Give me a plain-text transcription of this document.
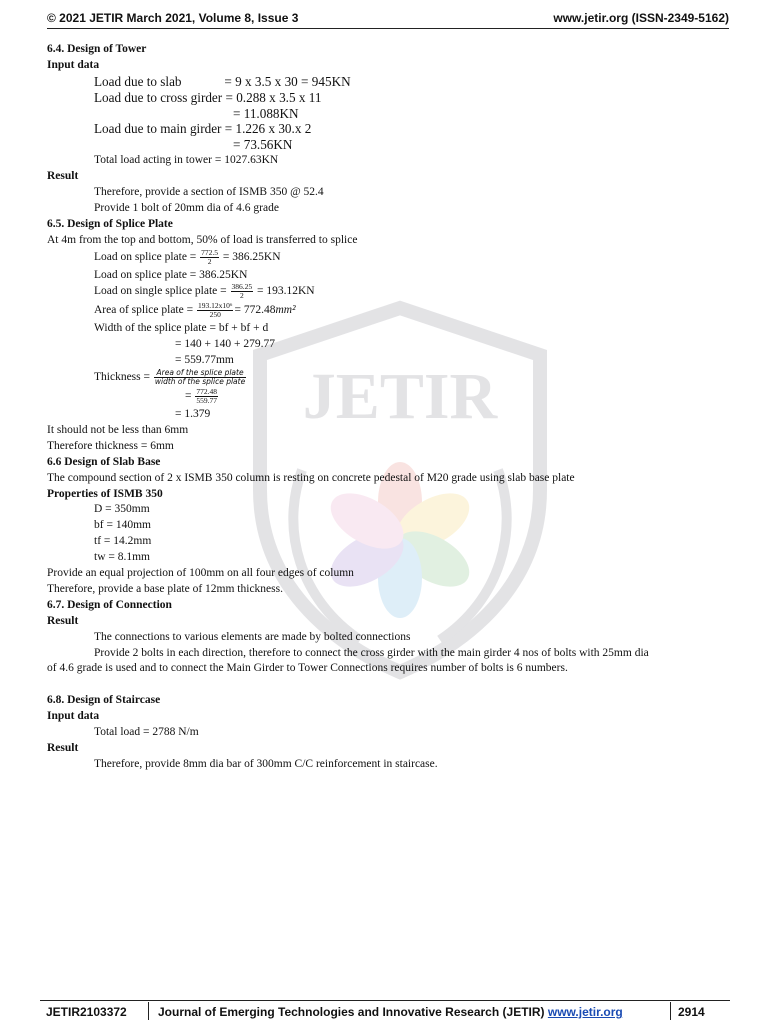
© 2021 JETIR March 2021, Volume 8, Issue 3	www.jetir.org (ISSN-2349-5162)
JETIR
6.4. Design of Tower
Input data
Load due to slab             = 9 x 3.5 x 30 = 945KN
Load due to cross girder = 0.288 x 3.5 x 11
= 11.088KN
Load due to main girder = 1.226 x 30.x 2
= 73.56KN
Total load acting in tower = 1027.63KN
Result
Therefore, provide a section of ISMB 350 @ 52.4
Provide 1 bolt of 20mm dia of 4.6 grade
6.5. Design of Splice Plate
At 4m from the top and bottom, 50% of load is transferred to splice
Load on splice plate = $\frac{772.5}{2} = 386.25KN$
Load on splice plate = 386.25KN
Load on single splice plate = $\frac{386.25}{2} = 193.12KN$
Area of splice plate = $\frac{\text{193.12x10⁶}}{250} = 772.48mm^2$
Width of the splice plate = bf + bf + d
= 140 + 140 + 279.77
= 559.77mm
Thickness = $\frac{\text{Area of the splice plate}}{\text{width of the splice plate}}$
= $\frac{772.48}{559.77}$
= 1.379
It should not be less than 6mm
Therefore thickness = 6mm
6.6 Design of Slab Base
The compound section of 2 x ISMB 350 column is resting on concrete pedestal of M20 grade using slab base plate
Properties of ISMB 350
D = 350mm
bf = 140mm
tf = 14.2mm
tw = 8.1mm
Provide an equal projection of 100mm on all four edges of column
Therefore, provide a base plate of 12mm thickness.
6.7. Design of Connection
Result
The connections to various elements are made by bolted connections
Provide 2 bolts in each direction, therefore to connect the cross girder with the main girder 4 nos of bolts with 25mm dia
of 4.6 grade is used and to connect the Main Girder to Tower Connections requires number of bolts is 6 numbers.
6.8. Design of Staircase
Input data
Total load = 2788 N/m
Result
Therefore, provide 8mm dia bar of 300mm C/C reinforcement in staircase.
JETIR2103372	Journal of Emerging Technologies and Innovative Research (JETIR) www.jetir.org	2914
